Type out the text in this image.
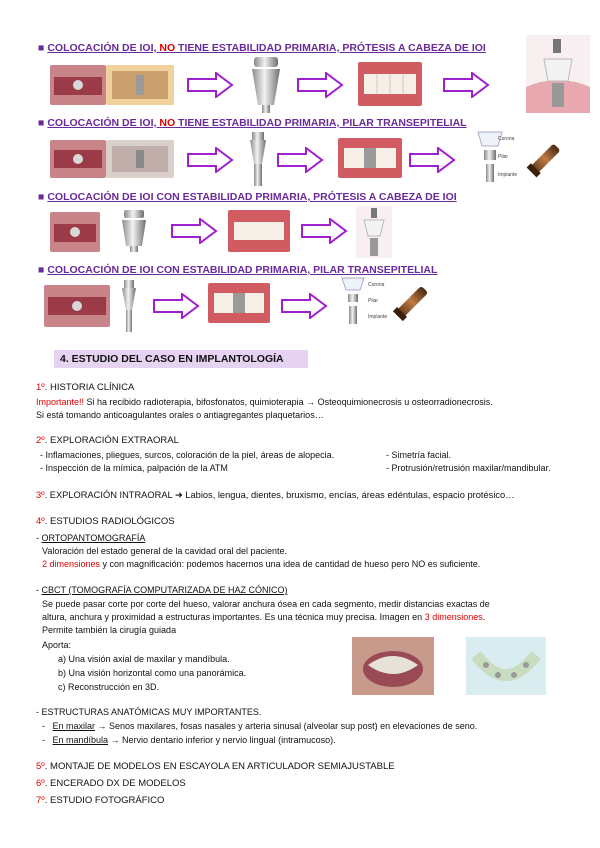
■ COLOCACIÓN DE IOI, NO TIENE ESTABILIDAD PRIMARIA, PRÓTESIS A CABEZA DE IOI
■ COLOCACIÓN DE IOI, NO TIENE ESTABILIDAD PRIMARIA, PILAR TRANSEPITELIAL
Corona
Pilar
Implante
■ COLOCACIÓN DE IOI CON ESTABILIDAD PRIMARIA, PRÓTESIS A CABEZA DE IOI
■ COLOCACIÓN DE IOI CON ESTABILIDAD PRIMARIA, PILAR TRANSEPITELIAL
Corona
Pilar
Implante
4. ESTUDIO DEL CASO EN IMPLANTOLOGÍA
1º. HISTORIA CLÍNICA
Importante!! Si ha recibido radioterapia, bifosfonatos, quimioterapia → Osteoquimionecrosis u osteorradionecrosis.
Si está tomando anticoagulantes orales o antiagregantes plaquetarios…
2º. EXPLORACIÓN EXTRAORAL
- Inflamaciones, pliegues, surcos, coloración de la piel, áreas de alopecia.
- Inspección de la mímica, palpación de la ATM
- Simetría facial.
- Protrusión/retrusión maxilar/mandibular.
3º. EXPLORACIÓN INTRAORAL ➜ Labios, lengua, dientes, bruxismo, encías, áreas edéntulas, espacio protésico…
4º. ESTUDIOS RADIOLÓGICOS
- ORTOPANTOMOGRAFÍA
Valoración del estado general de la cavidad oral del paciente.
2 dimensiones y con magnificación: podemos hacernos una idea de cantidad de hueso pero NO es suficiente.
- CBCT (TOMOGRAFÍA COMPUTARIZADA DE HAZ CÓNICO)
Se puede pasar corte por corte del hueso, valorar anchura ósea en cada segmento, medir distancias exactas de
altura, anchura y proximidad a estructuras importantes. Es una técnica muy precisa. Imagen en 3 dimensiones.
Permite también la cirugía guiada
Aporta:
a) Una visión axial de maxilar y mandíbula.
b) Una visión horizontal como una panorámica.
c) Reconstrucción en 3D.
- ESTRUCTURAS ANATÓMICAS MUY IMPORTANTES.
-   En maxilar → Senos maxilares, fosas nasales y arteria sinusal (alveolar sup post) en elevaciones de seno.
-   En mandíbula → Nervio dentario inferior y nervio lingual (intramucoso).
5º. MONTAJE DE MODELOS EN ESCAYOLA EN ARTICULADOR SEMIAJUSTABLE
6º. ENCERADO DX DE MODELOS
7º. ESTUDIO FOTOGRÁFICO
